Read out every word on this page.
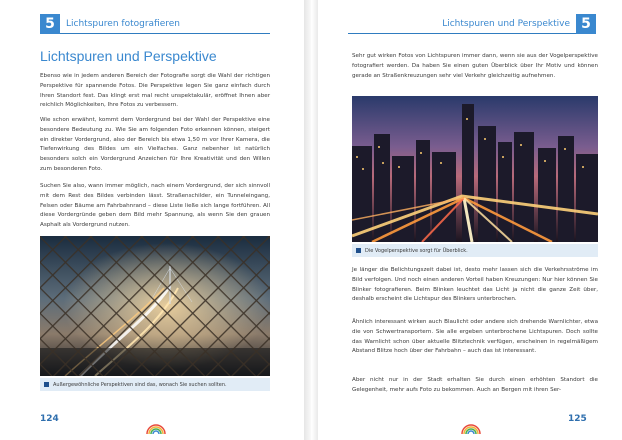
5	Lichtspuren fotografieren
Lichtspuren und Perspektive

Ebenso wie in jedem anderen Bereich der Fotografie sorgt die Wahl der richtigen Perspektive für spannende Fotos. Die Perspektive legen Sie ganz einfach durch Ihren Standort fest. Das klingt erst mal recht unspektakulär, eröffnet Ihnen aber reichlich Möglichkeiten, Ihre Fotos zu verbessern.

Wie schon erwähnt, kommt dem Vordergrund bei der Wahl der Perspektive eine besondere Bedeutung zu. Wie Sie am folgenden Foto erkennen können, steigert ein direkter Vordergrund, also der Bereich bis etwa 1,50 m vor Ihrer Kamera, die Tiefenwirkung des Bildes um ein Vielfaches. Ganz nebenher ist natürlich besonders solch ein Vordergrund Anzeichen für Ihre Kreativität und den Willen zum besonderen Foto.

Suchen Sie also, wann immer möglich, nach einem Vordergrund, der sich sinnvoll mit dem Rest des Bildes verbinden lässt. Straßenschilder, ein Tunneleingang, Felsen oder Bäume am Fahrbahnrand – diese Liste ließe sich lange fortführen. All diese Vordergründe geben dem Bild mehr Spannung, als wenn Sie den grauen Asphalt als Vordergrund nutzen.

Außergewöhnliche Perspektiven sind das, wonach Sie suchen sollten.
124
Lichtspuren und Perspektive 5

Sehr gut wirken Fotos von Lichtspuren immer dann, wenn sie aus der Vogelperspektive fotografiert werden. Da haben Sie einen guten Überblick über Ihr Motiv und können gerade an Straßenkreuzungen sehr viel Verkehr gleichzeitig aufnehmen.

Die Vogelperspektive sorgt für Überblick.

Je länger die Belichtungszeit dabei ist, desto mehr lassen sich die Verkehrsströme im Bild verfolgen. Und noch einen anderen Vorteil haben Kreuzungen: Nur hier können Sie Blinker fotografieren. Beim Blinken leuchtet das Licht ja nicht die ganze Zeit über, deshalb erscheint die Lichtspur des Blinkers unterbrochen.

Ähnlich interessant wirken auch Blaulicht oder andere sich drehende Warnlichter, etwa die von Schwertransportern. Sie alle ergeben unterbrochene Lichtspuren. Doch sollte das Warnlicht schon über aktuelle Blitztechnik verfügen, erscheinen in regelmäßigem Abstand Blitze hoch über der Fahrbahn – auch das ist interessant.

Aber nicht nur in der Stadt erhalten Sie durch einen erhöhten Standort die Gelegenheit, mehr aufs Foto zu bekommen. Auch an Bergen mit ihren Ser-

125
